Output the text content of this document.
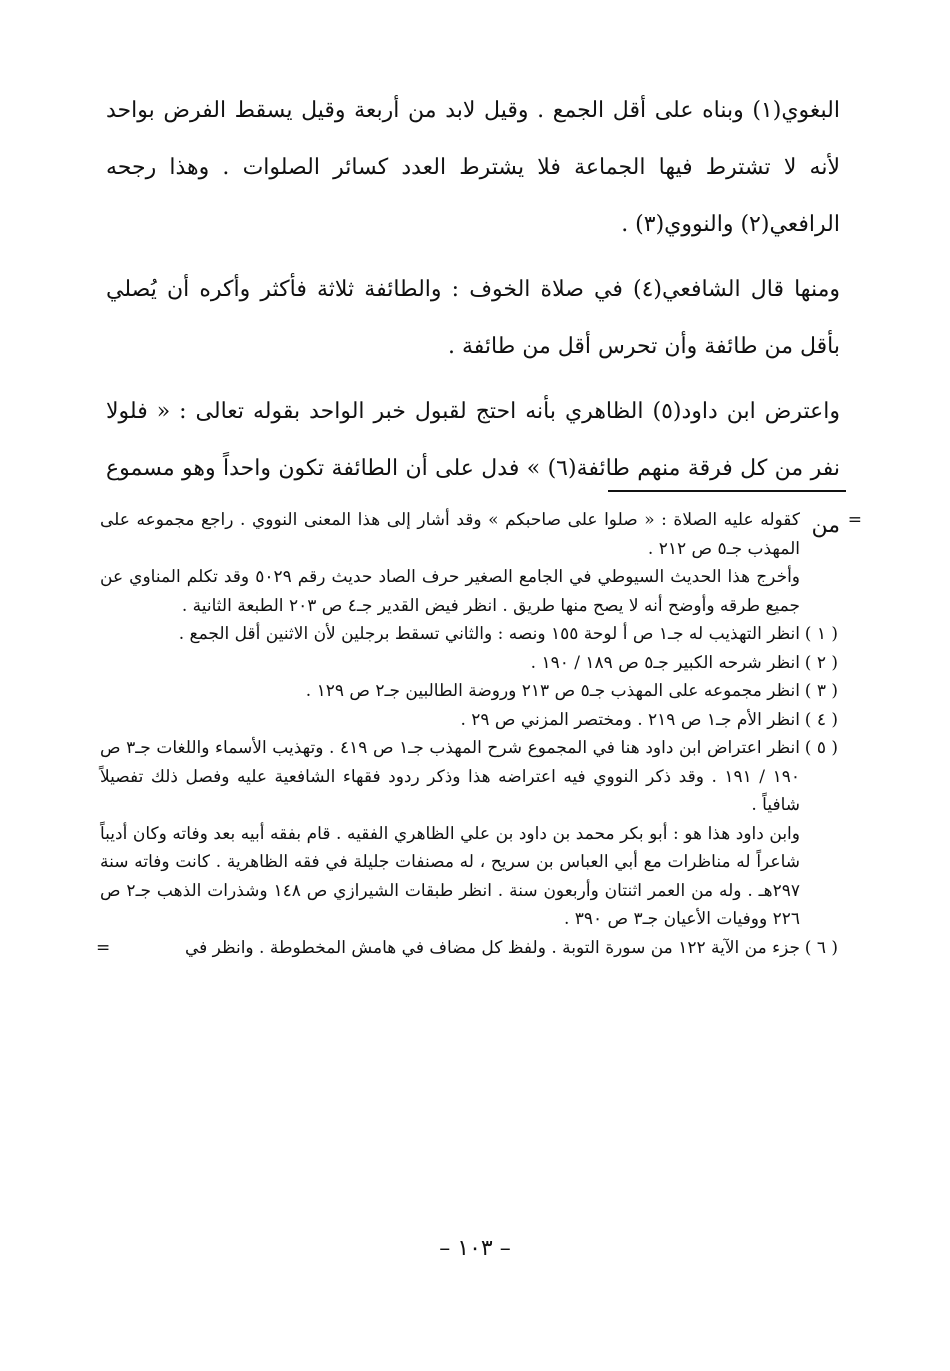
البغوي(١) وبناه على أقل الجمع . وقيل لابد من أربعة وقيل يسقط الفرض بواحد لأنه لا تشترط فيها الجماعة فلا يشترط العدد كسائر الصلوات . وهذا رجحه الرافعي(٢) والنووي(٣) .

ومنها قال الشافعي(٤) في صلاة الخوف : والطائفة ثلاثة فأكثر وأكره أن يُصلي بأقل من طائفة وأن تحرس أقل من طائفة .

واعترض ابن داود(٥) الظاهري بأنه احتج لقبول خبر الواحد بقوله تعالى : « فلولا نفر من كل فرقة منهم طائفة(٦) » فدل على أن الطائفة تكون واحداً وهو مسموع من =
كقوله عليه الصلاة : « صلوا على صاحبكم » وقد أشار إلى هذا المعنى النووي . راجع مجموعه على المهذب جـ٥ ص ٢١٢ .

وأخرج هذا الحديث السيوطي في الجامع الصغير حرف الصاد حديث رقم ٥٠٢٩ وقد تكلم المناوي عن جميع طرقه وأوضح أنه لا يصح منها طريق . انظر فيض القدير جـ٤ ص ٢٠٣ الطبعة الثانية .

( ١ )
انظر التهذيب له جـ١ ص أ لوحة ١٥٥ ونصه : والثاني تسقط برجلين لأن الاثنين أقل الجمع .

( ٢ )
انظر شرحه الكبير جـ٥ ص ١٨٩ / ١٩٠ .

( ٣ )
انظر مجموعه على المهذب جـ٥ ص ٢١٣ وروضة الطالبين جـ٢ ص ١٢٩ .

( ٤ )
انظر الأم جـ١ ص ٢١٩ . ومختصر المزني ص ٢٩ .

( ٥ )
انظر اعتراض ابن داود هنا في المجموع شرح المهذب جـ١ ص ٤١٩ . وتهذيب الأسماء واللغات جـ٣ ص ١٩٠ / ١٩١ . وقد ذكر النووي فيه اعتراضه هذا وذكر ردود فقهاء الشافعية عليه وفصل ذلك تفصيلاً شافياً .

وابن داود هذا هو : أبو بكر محمد بن داود بن علي الظاهري الفقيه . قام بفقه أبيه بعد وفاته وكان أديباً شاعراً له مناظرات مع أبي العباس بن سريح ، له مصنفات جليلة في فقه الظاهرية . كانت وفاته سنة ٢٩٧هـ . وله من العمر اثنتان وأربعون سنة . انظر طبقات الشيرازي ص ١٤٨ وشذرات الذهب جـ٢ ص ٢٢٦ ووفيات الأعيان جـ٣ ص ٣٩٠ .

( ٦ )
جزء من الآية ١٢٢ من سورة التوبة . ولفظ كل مضاف في هامش المخطوطة . وانظر في
=

– ١٠٣ –
